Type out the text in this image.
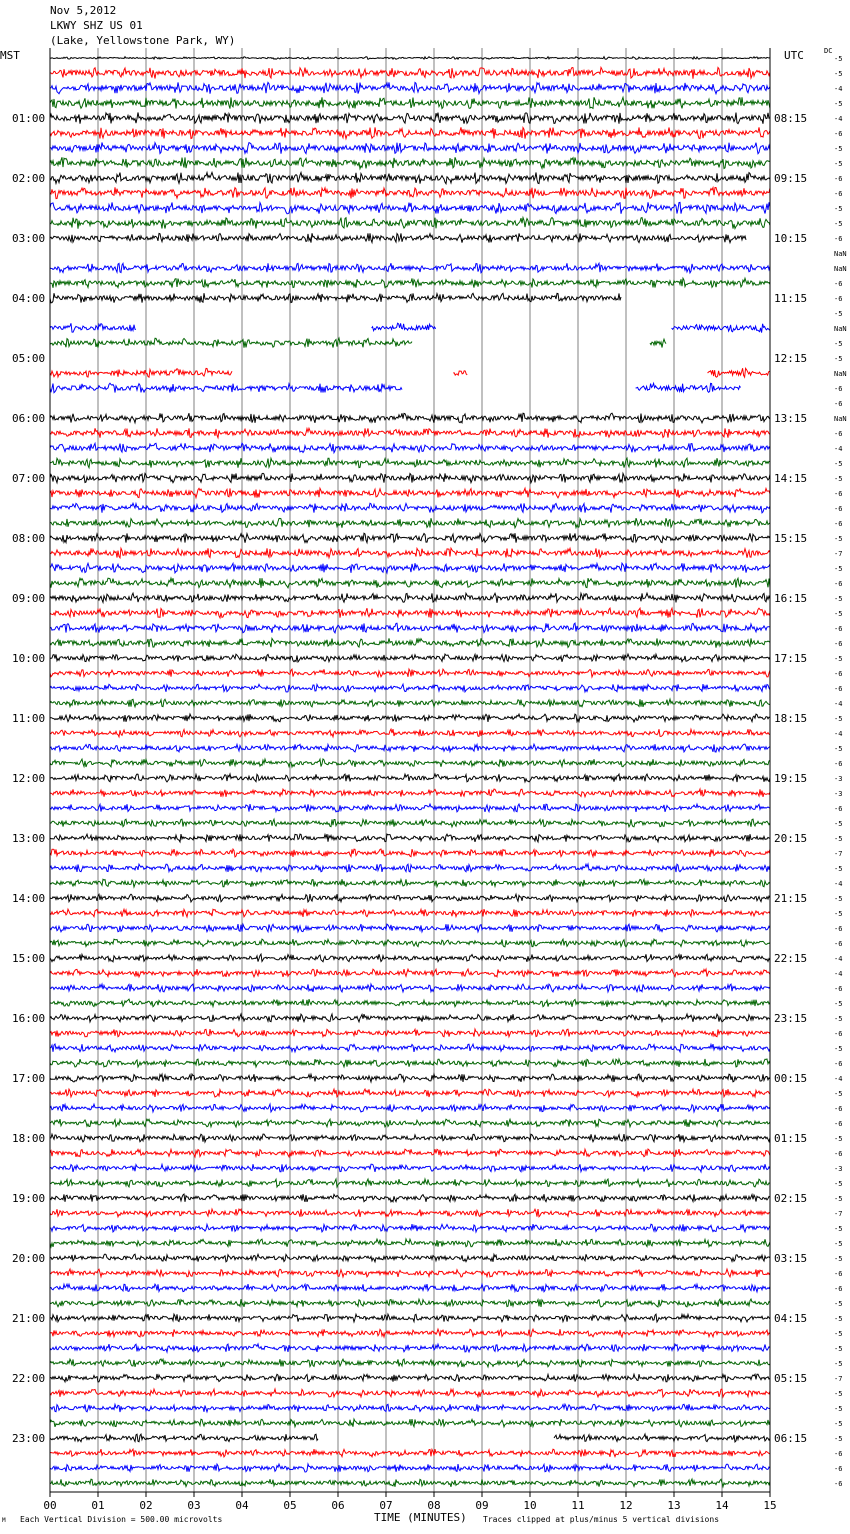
01:00
02:00
03:00
04:00
05:00
06:00
07:00
08:00
09:00
10:00
11:00
12:00
13:00
14:00
15:00
16:00
17:00
18:00
19:00
20:00
21:00
22:00
23:00
08:15
09:15
10:15
11:15
12:15
13:15
14:15
15:15
16:15
17:15
18:15
19:15
20:15
21:15
22:15
23:15
00:15
01:15
02:15
03:15
04:15
05:15
06:15
-5
-5
-4
-5
-4
-6
-5
-5
-6
-6
-5
-5
-6
NaN
NaN
-6
-6
-5
NaN
-5
-5
NaN
-6
-6
NaN
-6
-4
-5
-5
-6
-6
-6
-5
-7
-5
-6
-5
-5
-6
-6
-5
-6
-6
-4
-5
-4
-5
-6
-3
-3
-6
-5
-5
-7
-5
-4
-5
-5
-6
-6
-4
-4
-6
-5
-5
-6
-5
-6
-4
-5
-6
-6
-5
-6
-3
-5
-5
-7
-5
-5
-5
-6
-6
-5
-5
-5
-5
-5
-7
-5
-5
-5
-5
-6
-6
-6
00	01	02	03	04	05	06	07	08	09	10	11	12	13	14	15
Nov 5,2012
LKWY SHZ US 01
(Lake, Yellowstone Park, WY)
MST	UTC	DC
M Each Vertical Division = 500.00 microvolts	TIME (MINUTES) Traces clipped at plus/minus 5 vertical divisions
